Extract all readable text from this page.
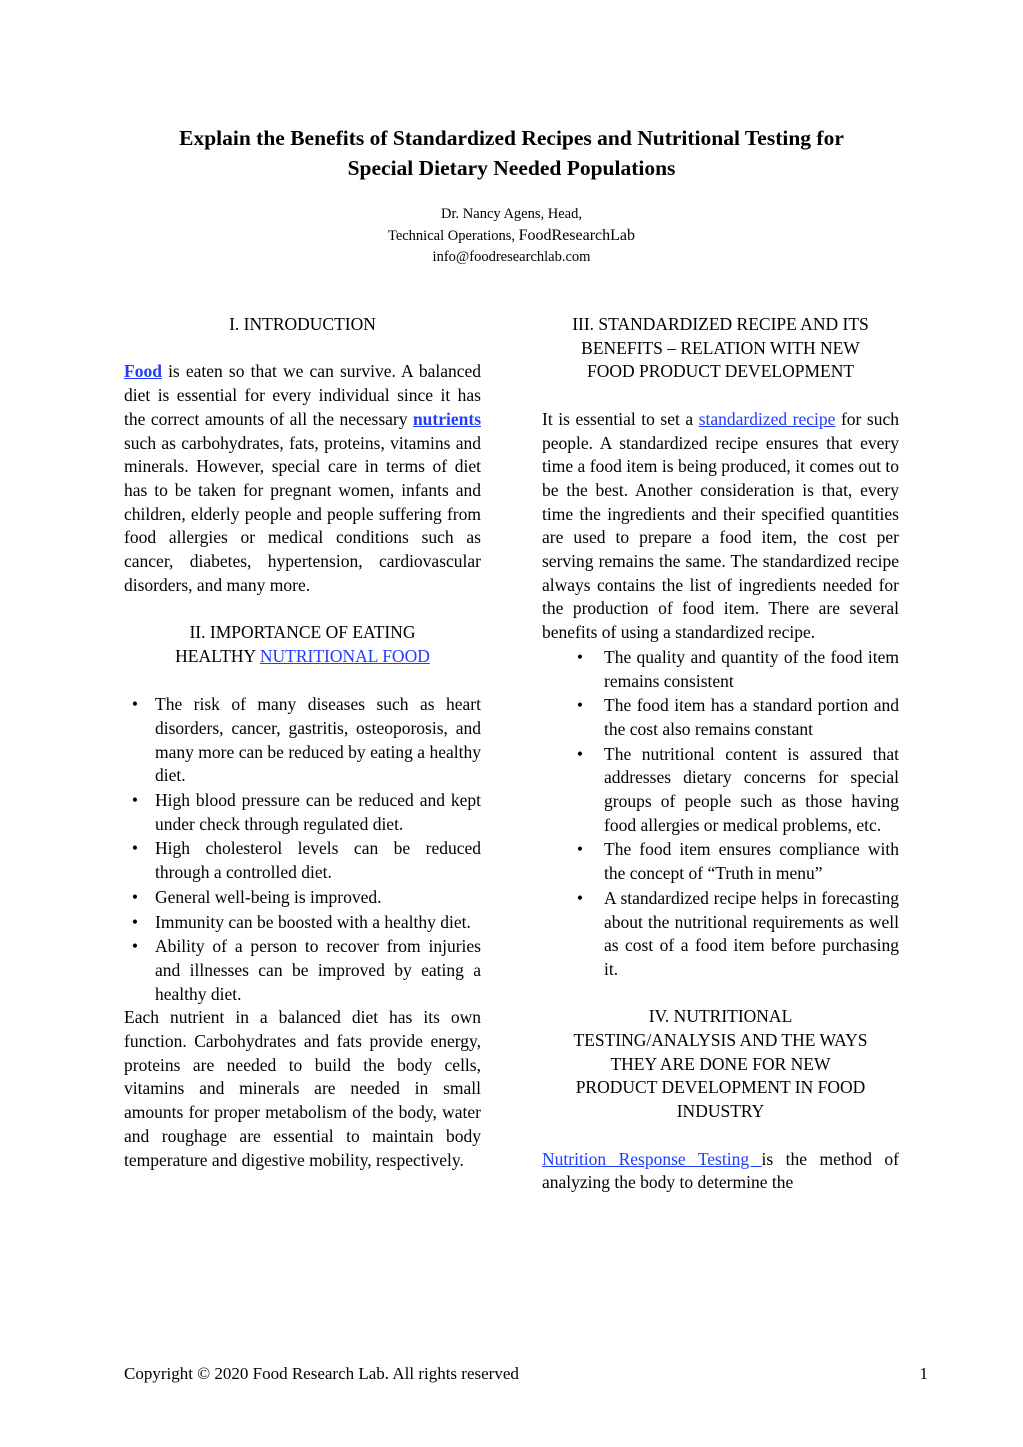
Explain the Benefits of Standardized Recipes and Nutritional Testing for
Special Dietary Needed Populations
Dr. Nancy Agens, Head,
Technical Operations, FoodResearchLab
info@foodresearchlab.com

I. INTRODUCTION

Food is eaten so that we can survive. A balanced diet is essential for every individual since it has the correct amounts of all the necessary nutrients such as carbohydrates, fats, proteins, vitamins and minerals. However, special care in terms of diet has to be taken for pregnant women, infants and children, elderly people and people suffering from food allergies or medical conditions such as cancer, diabetes, hypertension, cardiovascular disorders, and many more.

II. IMPORTANCE OF EATING
HEALTHY NUTRITIONAL FOOD

• The risk of many diseases such as heart disorders, cancer, gastritis, osteoporosis, and many more can be reduced by eating a healthy diet.
• High blood pressure can be reduced and kept under check through regulated diet.
• High cholesterol levels can be reduced through a controlled diet.
• General well-being is improved.
• Immunity can be boosted with a healthy diet.
• Ability of a person to recover from injuries and illnesses can be improved by eating a healthy diet.

Each nutrient in a balanced diet has its own function. Carbohydrates and fats provide energy, proteins are needed to build the body cells, vitamins and minerals are needed in small amounts for proper metabolism of the body, water and roughage are essential to maintain body temperature and digestive mobility, respectively.

III. STANDARDIZED RECIPE AND ITS
BENEFITS – RELATION WITH NEW
FOOD PRODUCT DEVELOPMENT

It is essential to set a standardized recipe for such people. A standardized recipe ensures that every time a food item is being produced, it comes out to be the best. Another consideration is that, every time the ingredients and their specified quantities are used to prepare a food item, the cost per serving remains the same. The standardized recipe always contains the list of ingredients needed for the production of food item. There are several benefits of using a standardized recipe.

•	The quality and quantity of the food item remains consistent
•	The food item has a standard portion and the cost also remains constant
•	The nutritional content is assured that addresses dietary concerns for special groups of people such as those having food allergies or medical problems, etc.
•	The food item ensures compliance with the concept of “Truth in menu”
•	A standardized recipe helps in forecasting about the nutritional requirements as well as cost of a food item before purchasing it.

IV. NUTRITIONAL
TESTING/ANALYSIS AND THE WAYS
THEY ARE DONE FOR NEW
PRODUCT DEVELOPMENT IN FOOD
INDUSTRY

Nutrition Response Testing is the method of analyzing the body to determine the

Copyright © 2020 Food Research Lab. All rights reserved	1
